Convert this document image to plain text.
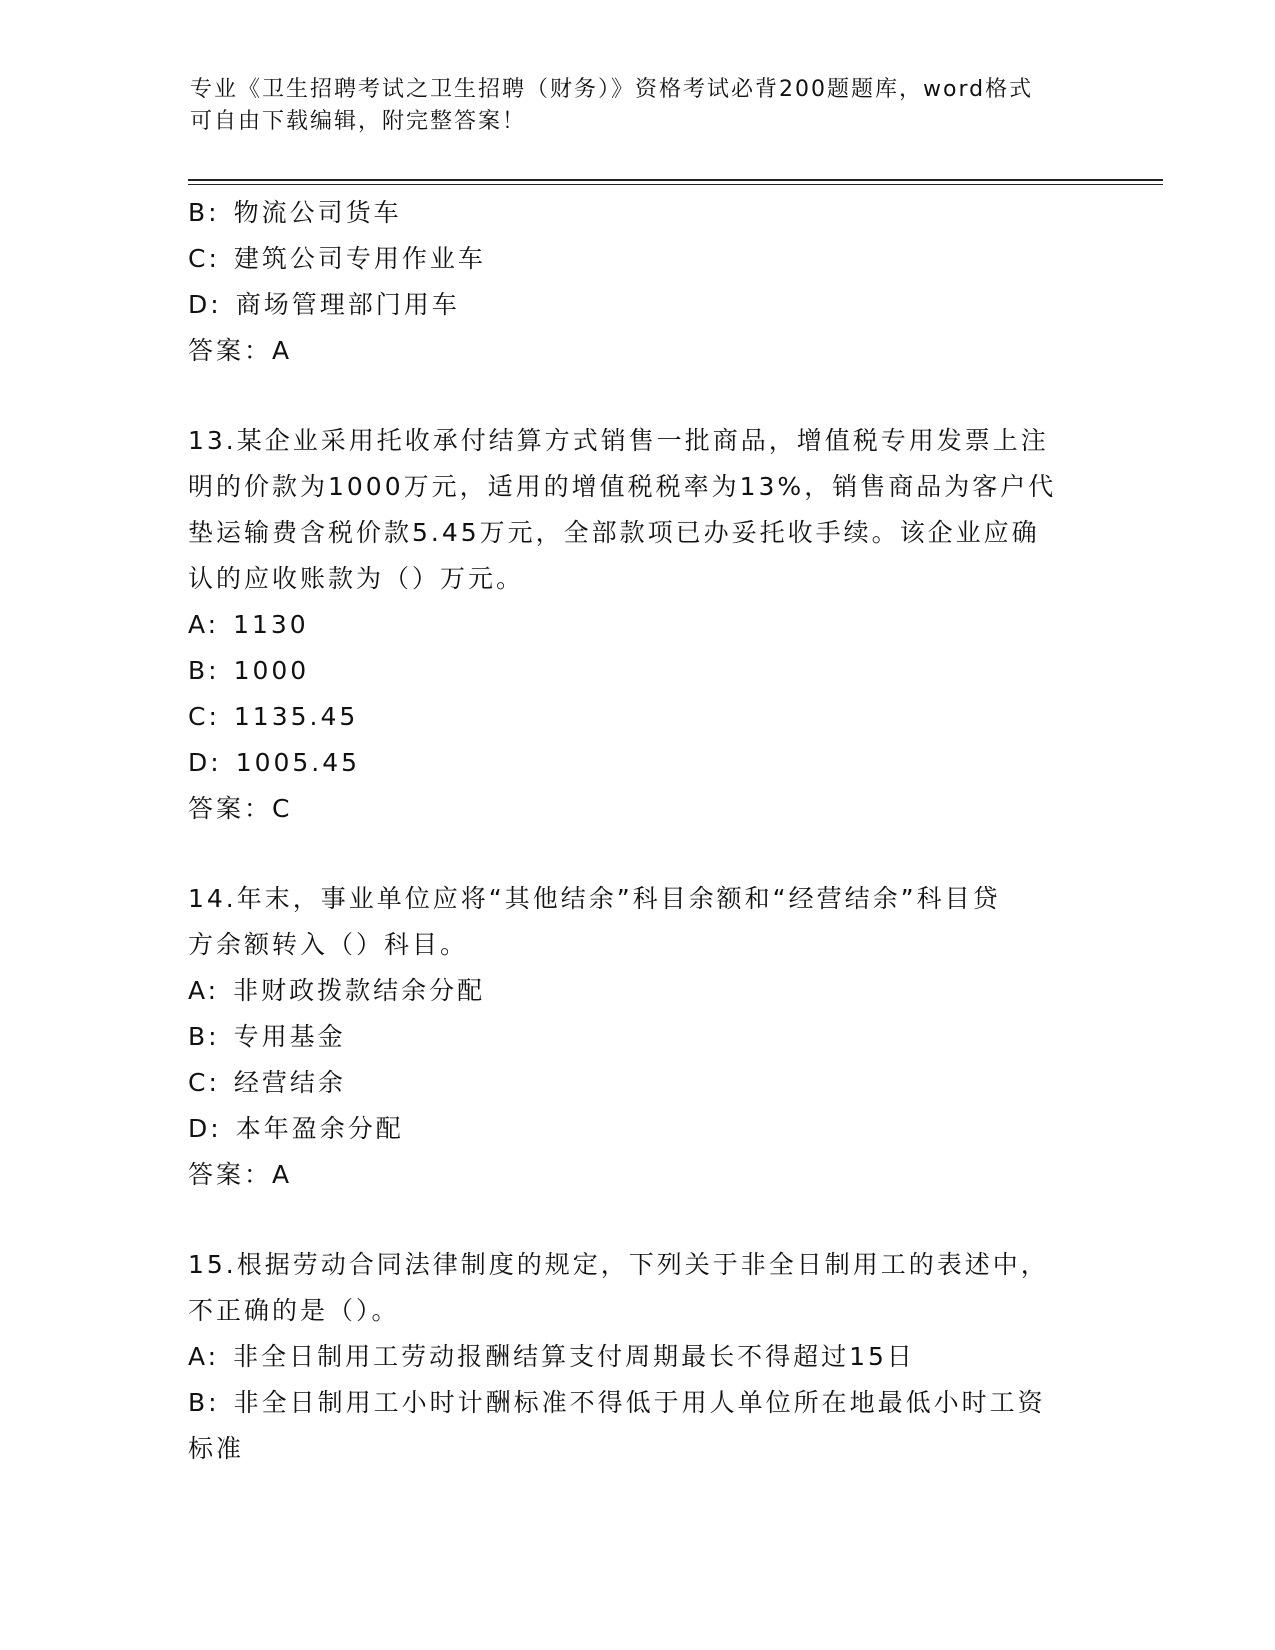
专业《卫生招聘考试之卫生招聘（财务）》资格考试必背200题题库，word格式
可自由下载编辑，附完整答案！
B: 物流公司货车
C: 建筑公司专用作业车
D: 商场管理部门用车
答案：A
13.某企业采用托收承付结算方式销售一批商品，增值税专用发票上注
明的价款为1000万元，适用的增值税税率为13%，销售商品为客户代
垫运输费含税价款5.45万元，全部款项已办妥托收手续。该企业应确
认的应收账款为（）万元。
A: 1130
B: 1000
C: 1135.45
D: 1005.45
答案：C
14.年末，事业单位应将“其他结余”科目余额和“经营结余”科目贷
方余额转入（）科目。
A: 非财政拨款结余分配
B: 专用基金
C: 经营结余
D: 本年盈余分配
答案：A
15.根据劳动合同法律制度的规定，下列关于非全日制用工的表述中，
不正确的是（）。
A: 非全日制用工劳动报酬结算支付周期最长不得超过15日
B: 非全日制用工小时计酬标准不得低于用人单位所在地最低小时工资
标准
